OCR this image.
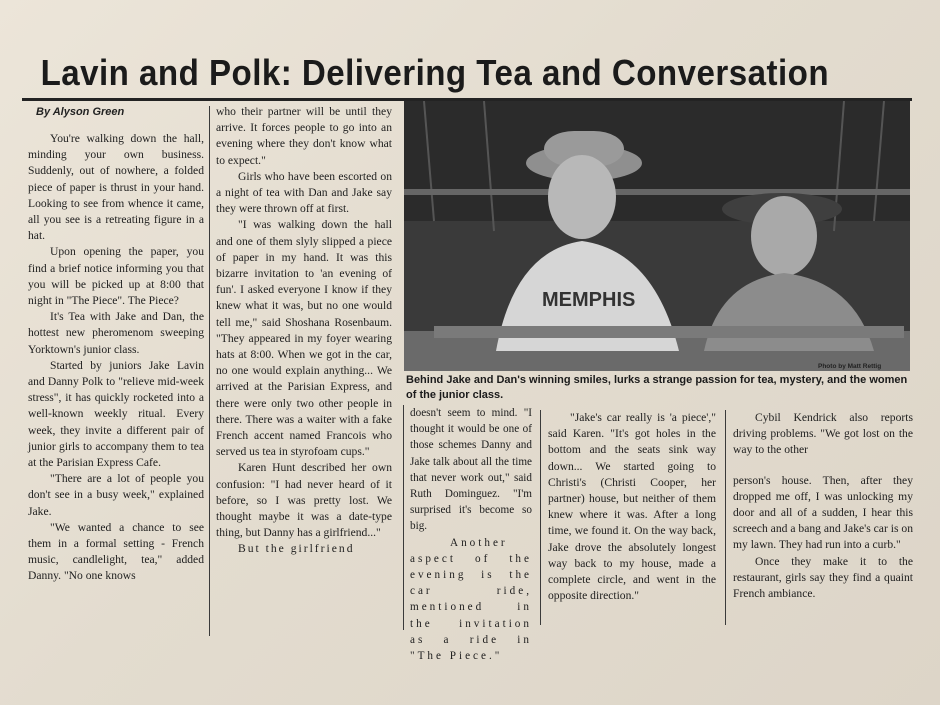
Lavin and Polk: Delivering Tea and Conversation
By Alyson Green

You're walking down the hall, minding your own business. Suddenly, out of nowhere, a folded piece of paper is thrust in your hand. Looking to see from whence it came, all you see is a retreating figure in a hat.

Upon opening the paper, you find a brief notice informing you that you will be picked up at 8:00 that night in "The Piece". The Piece?

It's Tea with Jake and Dan, the hottest new pheromenom sweeping Yorktown's junior class.

Started by juniors Jake Lavin and Danny Polk to "relieve mid-week stress", it has quickly rocketed into a well-known weekly ritual. Every week, they invite a different pair of junior girls to accompany them to tea at the Parisian Express Cafe.

"There are a lot of people you don't see in a busy week," explained Jake.

"We wanted a chance to see them in a formal setting - French music, candlelight, tea," added Danny. "No one knows

who their partner will be until they arrive. It forces people to go into an evening where they don't know what to expect."

Girls who have been escorted on a night of tea with Dan and Jake say they were thrown off at first.

"I was walking down the hall and one of them slyly slipped a piece of paper in my hand. It was this bizarre invitation to 'an evening of fun'. I asked everyone I know if they knew what it was, but no one would tell me," said Shoshana Rosenbaum. "They appeared in my foyer wearing hats at 8:00. When we got in the car, no one would explain anything... We arrived at the Parisian Express, and there were only two other people in there. There was a waiter with a fake French accent named Francois who served us tea in styrofoam cups."

Karen Hunt described her own confusion: "I had never heard of it before, so I was pretty lost. We thought maybe it was a date-type thing, but Danny has a girlfriend..."

But the girlfriend

MEMPHIS
Photo by Matt Rettig
Behind Jake and Dan's winning smiles, lurks a strange passion for tea, mystery, and the women of the junior class.

doesn't seem to mind. "I thought it would be one of those schemes Danny and Jake talk about all the time that never work out," said Ruth Dominguez. "I'm surprised it's become so big.

Another aspect of the evening is the car ride, mentioned in the invitation as a ride in "The Piece."

"Jake's car really is 'a piece'," said Karen. "It's got holes in the bottom and the seats sink way down... We started going to Christi's (Christi Cooper, her partner) house, but neither of them knew where it was. After a long time, we found it. On the way back, Jake drove the absolutely longest way back to my house, made a complete circle, and went in the opposite direction."

Cybil Kendrick also reports driving problems. "We got lost on the way to the other

person's house. Then, after they dropped me off, I was unlocking my door and all of a sudden, I hear this screech and a bang and Jake's car is on my lawn. They had run into a curb."

Once they make it to the restaurant, girls say they find a quaint French ambiance.
